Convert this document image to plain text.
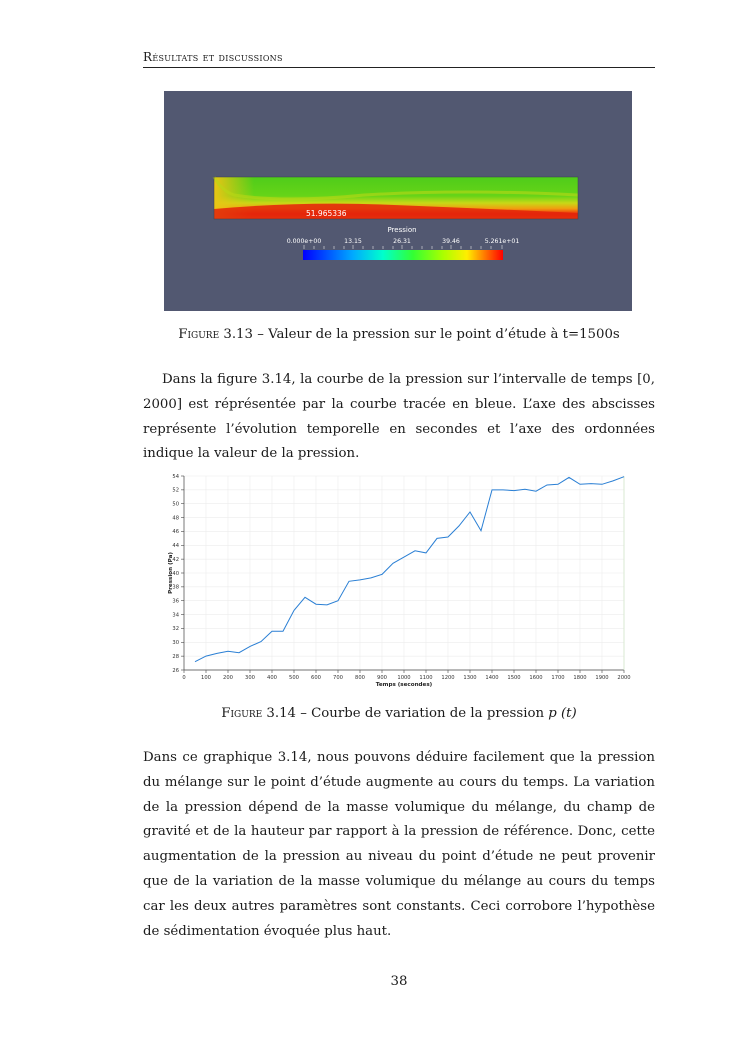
Résultats et discussions
51.965336
Pression
0.000e+00	13.15	26.31	39.46	5.261e+01
Figure 3.13 – Valeur de la pression sur le point d’étude à t=1500s
Dans la figure 3.14, la courbe de la pression sur l’intervalle de temps [0, 2000] est réprésentée par la courbe tracée en bleue. L’axe des abscisses représente l’évolution temporelle en secondes et l’axe des ordonnées indique la valeur de la pression.
0	100 200 300 400 500 600 700 800 900 1000 1100 1200 1300 1400 1500 1600 1700 1800 1900 2000
26
28
30
32
34
36
38
40
42
44
46
48
50
52
54
Temps (secondes)
Pression (Pa)
Figure 3.14 – Courbe de variation de la pression p (t)
Dans ce graphique 3.14, nous pouvons déduire facilement que la pression du mélange sur le point d’étude augmente au cours du temps. La variation de la pression dépend de la masse volumique du mélange, du champ de gravité et de la hauteur par rapport à la pression de référence. Donc, cette augmentation de la pression au niveau du point d’étude ne peut provenir que de la variation de la masse volumique du mélange au cours du temps car les deux autres paramètres sont constants. Ceci corrobore l’hypothèse de sédimentation évoquée plus haut.
38
